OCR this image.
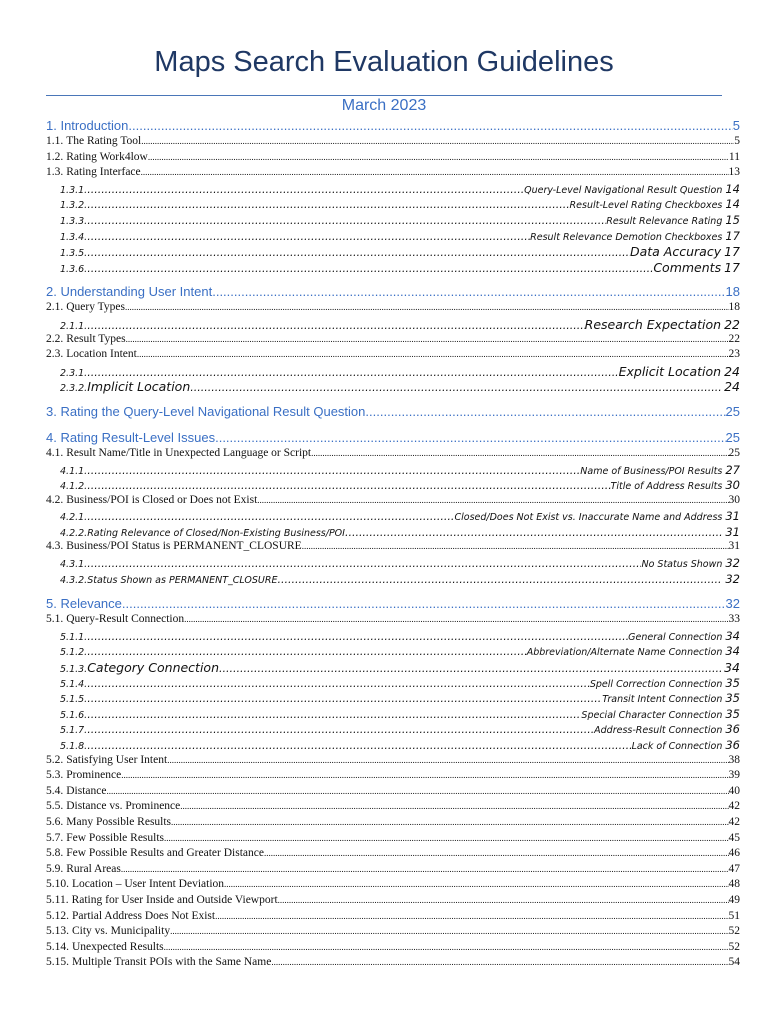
Maps Search Evaluation Guidelines
March 2023
1. Introduction .....	5
1.1. The Rating Tool .....	5
1.2. Rating Work4low .....	11
1.3. Rating Interface .....	13
1.3.1. .....	Query-Level Navigational Result Question 14
1.3.2. .....	Result-Level Rating Checkboxes 14
1.3.3. .....	Result Relevance Rating 15
1.3.4. .....	Result Relevance Demotion Checkboxes 17
1.3.5. .....	Data Accuracy 17
1.3.6. .....	Comments 17
2. Understanding User Intent .....	18
2.1. Query Types .....	18
2.1.1. .....	Research Expectation 22
2.2. Result Types .....	22
2.3. Location Intent .....	23
2.3.1. .....	Explicit Location 24
2.3.2. Implicit Location .....	24
3. Rating the Query-Level Navigational Result Question .....	25
4. Rating Result-Level Issues .....	25
4.1. Result Name/Title in Unexpected Language or Script .....	25
4.1.1. .....	Name of Business/POI Results 27
4.1.2. .....	Title of Address Results 30
4.2. Business/POI is Closed or Does not Exist .....	30
4.2.1. .....	Closed/Does Not Exist vs. Inaccurate Name and Address 31
4.2.2. Rating Relevance of Closed/Non-Existing Business/POI .....	31
4.3. Business/POI Status is PERMANENT_CLOSURE .....	31
4.3.1. .....	No Status Shown 32
4.3.2. Status Shown as PERMANENT_CLOSURE .....	32
5. Relevance .....	32
5.1. Query-Result Connection .....	33
5.1.1. .....	General Connection 34
5.1.2. .....	Abbreviation/Alternate Name Connection 34
5.1.3. Category Connection .....	34
5.1.4. .....	Spell Correction Connection 35
5.1.5. .....	Transit Intent Connection 35
5.1.6. .....	Special Character Connection 35
5.1.7. .....	Address-Result Connection 36
5.1.8. .....	Lack of Connection 36
5.2. Satisfying User Intent .....	38
5.3. Prominence .....	39
5.4. Distance .....	40
5.5. Distance vs. Prominence .....	42
5.6. Many Possible Results .....	42
5.7. Few Possible Results .....	45
5.8. Few Possible Results and Greater Distance .....	46
5.9. Rural Areas .....	47
5.10. Location – User Intent Deviation .....	48
5.11. Rating for User Inside and Outside Viewport .....	49
5.12. Partial Address Does Not Exist .....	51
5.13. City vs. Municipality .....	52
5.14. Unexpected Results .....	52
5.15. Multiple Transit POIs with the Same Name .....	54
